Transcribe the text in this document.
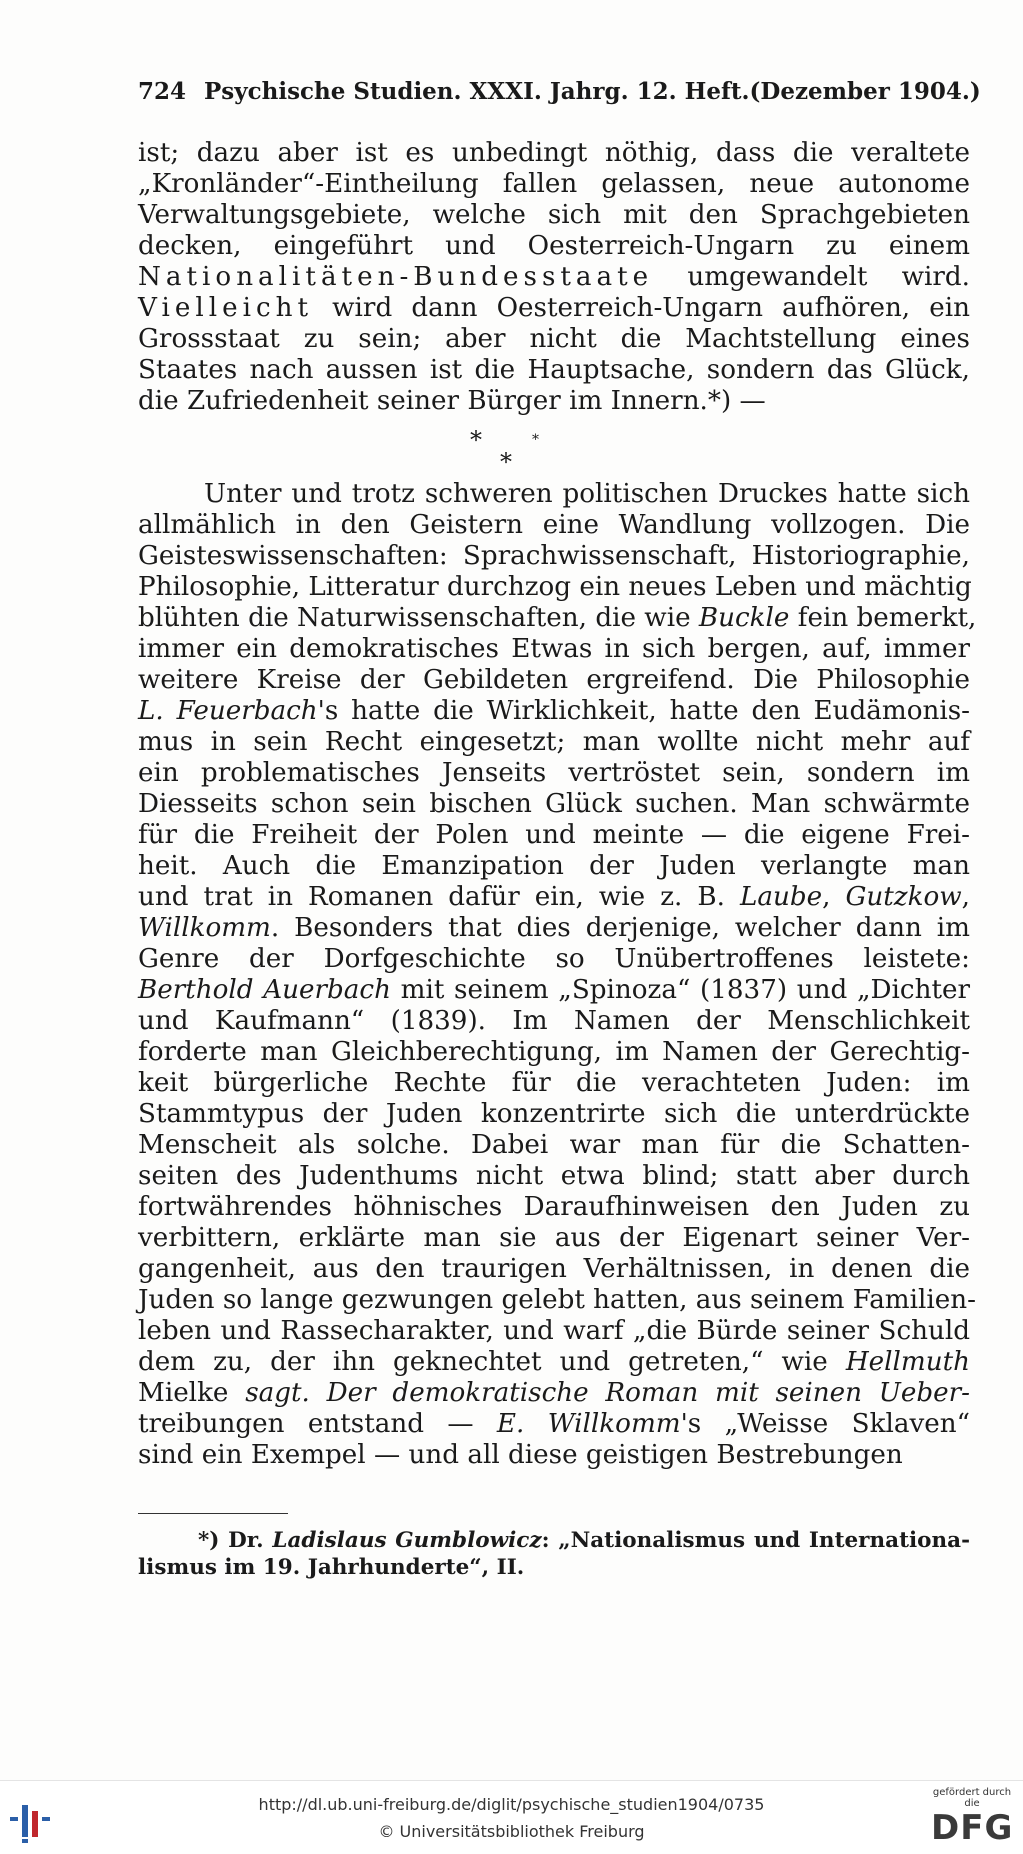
724 Psychische Studien. XXXI. Jahrg. 12. Heft. (Dezember 1904.)
ist; dazu aber ist es unbedingt nöthig, dass die veraltete
„Kronländer“-Eintheilung fallen gelassen, neue autonome
Verwaltungsgebiete, welche sich mit den Sprachgebieten
decken, eingeführt und Oesterreich-Ungarn zu einem
Nationalitäten-Bundesstaate umgewandelt wird.
Vielleicht wird dann Oesterreich-Ungarn aufhören, ein
Grossstaat zu sein; aber nicht die Machtstellung eines
Staates nach aussen ist die Hauptsache, sondern das Glück,
die Zufriedenheit seiner Bürger im Innern.*) —
*	*
*
Unter und trotz schweren politischen Druckes hatte sich
allmählich in den Geistern eine Wandlung vollzogen. Die
Geisteswissenschaften: Sprachwissenschaft, Historiographie,
Philosophie, Litteratur durchzog ein neues Leben und mächtig
blühten die Naturwissenschaften, die wie Buckle fein bemerkt,
immer ein demokratisches Etwas in sich bergen, auf, immer
weitere Kreise der Gebildeten ergreifend. Die Philosophie
L. Feuerbach's hatte die Wirklichkeit, hatte den Eudämonis-
mus in sein Recht eingesetzt; man wollte nicht mehr auf
ein problematisches Jenseits vertröstet sein, sondern im
Diesseits schon sein bischen Glück suchen. Man schwärmte
für die Freiheit der Polen und meinte — die eigene Frei-
heit. Auch die Emanzipation der Juden verlangte man
und trat in Romanen dafür ein, wie z. B. Laube, Gutzkow,
Willkomm. Besonders that dies derjenige, welcher dann im
Genre der Dorfgeschichte so Unübertroffenes leistete:
Berthold Auerbach mit seinem „Spinoza“ (1837) und „Dichter
und Kaufmann“ (1839). Im Namen der Menschlichkeit
forderte man Gleichberechtigung, im Namen der Gerechtig-
keit bürgerliche Rechte für die verachteten Juden: im
Stammtypus der Juden konzentrirte sich die unterdrückte
Menscheit als solche. Dabei war man für die Schatten-
seiten des Judenthums nicht etwa blind; statt aber durch
fortwährendes höhnisches Daraufhinweisen den Juden zu
verbittern, erklärte man sie aus der Eigenart seiner Ver-
gangenheit, aus den traurigen Verhältnissen, in denen die
Juden so lange gezwungen gelebt hatten, aus seinem Familien-
leben und Rassecharakter, und warf „die Bürde seiner Schuld
dem zu, der ihn geknechtet und getreten,“ wie Hellmuth
Mielke sagt. Der demokratische Roman mit seinen Ueber-
treibungen entstand — E. Willkomm's „Weisse Sklaven“
sind ein Exempel — und all diese geistigen Bestrebungen
*) Dr. Ladislaus Gumblowicz: „Nationalismus und Internationa-
lismus im 19. Jahrhunderte“, II.
http://dl.ub.uni-freiburg.de/diglit/psychische_studien1904/0735
© Universitätsbibliothek Freiburg
gefördert durch die
DFG
